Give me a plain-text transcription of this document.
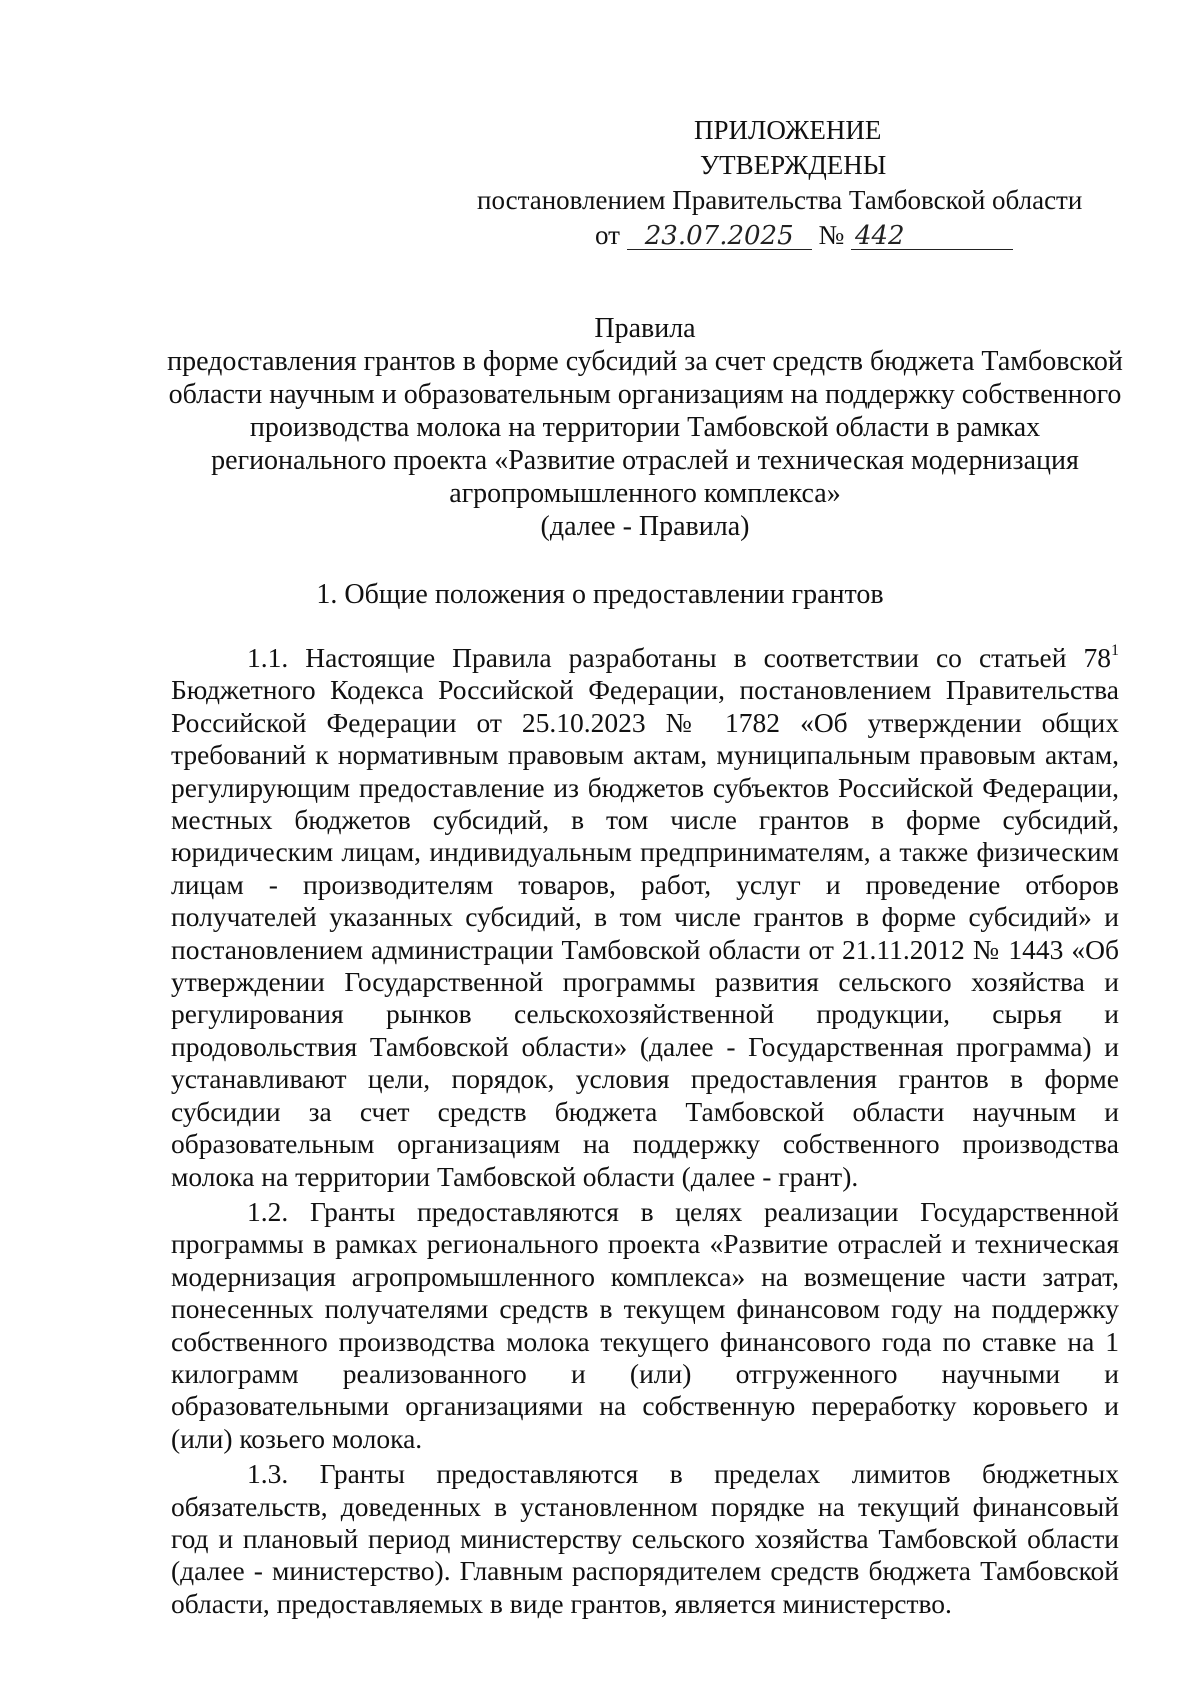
ПРИЛОЖЕНИЕ
УТВЕРЖДЕНЫ
постановлением Правительства Тамбовской области
от 23.07.2025 № 442
Правила
предоставления грантов в форме субсидий за счет средств бюджета Тамбовской
области научным и образовательным организациям на поддержку собственного
производства молока на территории Тамбовской области в рамках
регионального проекта «Развитие отраслей и техническая модернизация
агропромышленного комплекса»
(далее - Правила)
1. Общие положения о предоставлении грантов

1.1. Настоящие Правила разработаны в соответствии со статьей $78^1$ Бюджетного Кодекса Российской Федерации, постановлением Правительства Российской Федерации от 25.10.2023 № 1782 «Об утверждении общих требований к нормативным правовым актам, муниципальным правовым актам, регулирующим предоставление из бюджетов субъектов Российской Федерации, местных бюджетов субсидий, в том числе грантов в форме субсидий, юридическим лицам, индивидуальным предпринимателям, а также физическим лицам - производителям товаров, работ, услуг и проведение отборов получателей указанных субсидий, в том числе грантов в форме субсидий» и постановлением администрации Тамбовской области от 21.11.2012 № 1443 «Об утверждении Государственной программы развития сельского хозяйства и регулирования рынков сельскохозяйственной продукции, сырья и продовольствия Тамбовской области» (далее - Государственная программа) и устанавливают цели, порядок, условия предоставления грантов в форме субсидии за счет средств бюджета Тамбовской области научным и образовательным организациям на поддержку собственного производства молока на территории Тамбовской области (далее - грант).

1.2. Гранты предоставляются в целях реализации Государственной программы в рамках регионального проекта «Развитие отраслей и техническая модернизация агропромышленного комплекса» на возмещение части затрат, понесенных получателями средств в текущем финансовом году на поддержку собственного производства молока текущего финансового года по ставке на 1 килограмм реализованного и (или) отгруженного научными и образовательными организациями на собственную переработку коровьего и (или) козьего молока.

1.3. Гранты предоставляются в пределах лимитов бюджетных обязательств, доведенных в установленном порядке на текущий финансовый год и плановый период министерству сельского хозяйства Тамбовской области (далее - министерство). Главным распорядителем средств бюджета Тамбовской области, предоставляемых в виде грантов, является министерство.
